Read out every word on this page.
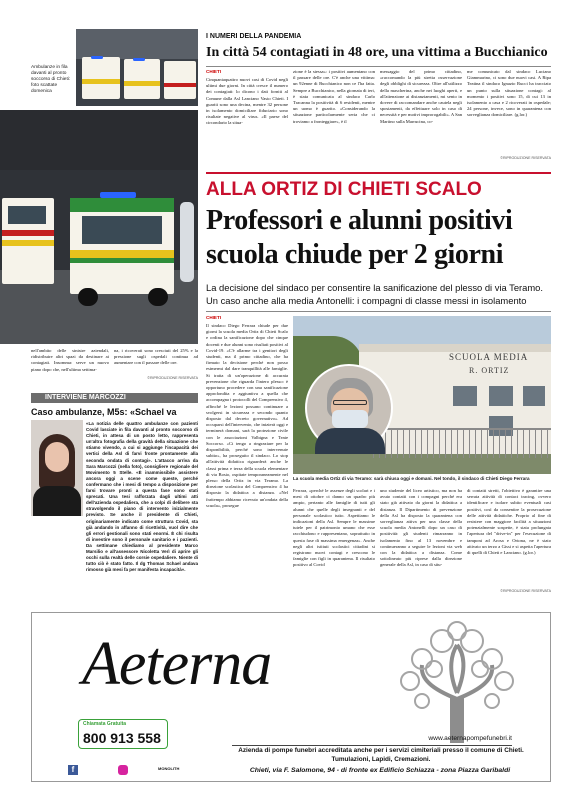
Ambulanze in fila davanti al pronto soccorso di Chieti: foto scattate domenica
nell'ambito delle sinistre aziendali, ridistribuire altri spazi da destinare ai contagiati. Insomma: serve un nuovo piano dopo che, nell'ultima settima-
na, i ricoverati sono cresciuti del 25% e la pressione sugli ospedali continua ad aumentare con il passare delle ore.
©RIPRODUZIONE RISERVATA
INTERVIENE MARCOZZI
Caso ambulanze, M5s: «Schael va
«La notizia delle quattro ambulanze con pazienti Covid lasciate in fila davanti al pronto soccorso di Chieti, in attesa di un posto letto, rappresenta un'altra fotografia della gravità della situazione che stiamo vivendo, a cui si aggiunge l'incapacità dei vertici della Asl di farvi fronte prontamente alla seconda ondata di contagi». L'attacco arriva da Sara Marcozzi (nella foto), consigliere regionale del Movimento 5 Stelle. «È inammissibile assistere ancora oggi a scene come queste, perché confermano che i mesi di tempo a disposizione per farsi trovare pronti a questa fase sono stati sprecati. Una tesi rafforzata dagli ultimi atti dell'azienda ospedaliera, che a colpi di delibere sta stravolgendo il piano di intervento inizialmente previsto. Se anche il presidente di Chieti, originariamente indicato come struttura Covid, sta già andando in affanno di ricettività, vuol dire che gli errori gestionali sono stati enormi. È chi risulta di investire sono il personale sanitario e i pazienti. Da settimane chiediamo al presidente Marco Marsilio e all'assessore Nicoletta Verì di aprire gli occhi sulla realtà delle corsie ospedaliere. Niente di tutto ciò è stato fatto. Il dg Thomas Schael andava rimosso già mesi fa per manifesta incapacità».
I NUMERI DELLA PANDEMIA
In città 54 contagiati in 48 ore, una vittima a Bucchianico
CHIETI
Cinquantaquattro nuovi casi di Covid negli ultimi due giorni. In città cresce il numero dei contagiati: lo dicono i dati forniti al Comune dalla Asl Lanciano Vasto Chieti. I guariti sono una decina, mentre 32 persone in isolamento domiciliare fiduciario sono risultate negative al virus. «Il paese del circondario la situa-
zione è la stessa»: i positivi aumentano con il passare delle ore. C'è anche una vittima: un 92enne di Bucchianico non ce l'ha fatta. Sempre a Bucchianico, nella giornata di ieri, è stata comunicata al sindaco Carlo Tracanna la positività di 6 residenti, mentre un uomo è guarito. «Considerando la situazione particolarmente seria che ci troviamo a fronteggiare», è il
messaggio del primo cittadino, «raccomando la più stretta osservazione degli obblighi di sicurezza. Oltre all'utilizzo della mascherina, anche nei luoghi aperti, e all'attenzione ai distanziamenti, mi sento in dovere di raccomandare anche cautela negli spostamenti, da effettuare solo in caso di necessità e per motivi improrogabili». A San Martino sulla Marrucina, co-
me comunicato dal sindaco Luciano Giammarino, ci sono due nuovi casi. A Ripa Teatina il sindaco Ignazio Rucci ha tracciato un punto sulla situazione contagi: al momento i positivi sono 15, di cui 13 in isolamento a casa e 2 ricoverati in ospedale; 24 persone, invece, sono in quarantena con sorveglianza domiciliare. (g.lor.)
©RIPRODUZIONE RISERVATA
ALLA ORTIZ DI CHIETI SCALO
Professori e alunni positivi scuola chiude per 2 giorni
La decisione del sindaco per consentire la sanificazione del plesso di via Teramo. Un caso anche alla media Antonelli: i compagni di classe messi in isolamento
CHIETI
Il sindaco Diego Ferrara chiude per due giorni la scuola media Ortiz di Chieti Scalo e ordina la sanificazione dopo che cinque docenti e due alunni sono risultati positivi al Covid-19. «C'è allarme tra i genitori degli studenti, ma il primo cittadino, che ha firmato la decisione perché non posso esimermi dal dare tranquillità alle famiglie. Si tratta di un'operazione di accurata prevenzione che riguarda l'intero plesso: è opportuno procedere con una sanificazione approfondita e aggiuntiva a quella che accompagna i protocolli del Comprensivo 4, affinché le lezioni possano continuare a svolgersi in sicurezza e secondo quanto disposto dal decreto governativo». Ad occuparsi dell'intervento, che inizierà oggi e terminerà domani, sarà la protezione civile con le associazioni Valbigna e Teate Soccorso. «Ci tengo a ringraziare per la disponibilità, perché sono intervenute subito», ha proseguito il sindaco. Lo stop all'attività didattica riguarderà anche le classi prima e terza della scuola elementare di via Bosio, ospitate temporaneamente nel plesso della Ortiz in via Teramo. La direzione scolastica del Comprensivo 4 ha disposto la didattica a distanza. «Nel frattempo abbiamo ricevuto un'ondata della scuola», prosegue
SCUOLA MEDIA
R. ORTIZ
La scuola media Ortiz di via Teramo: sarà chiusa oggi e domani. Nel tondo, il sindaco di Chieti Diego Ferrara
Ferrara, «perché le assenze degli scolari e i mesi di ottobre ci danno un quadro più ampio, pertanto alle famiglie di tutti gli alunni che quelle degli insegnanti e del personale scolastico tutto. Aspettiamo le indicazioni della Asl. Sempre le massime tutele per il patrimonio umano che esse racchiudono e rappresentano, soprattutto in questa fase di massima emergenza». Anche negli altri istituti scolastici cittadini si registrano nuovi contagi e crescono le famiglie con figli in quarantena. Il risultato positivo al Covid
uno studente del liceo artistico, ma non ha avuto contatti con i compagni perché era stato già attivato da giorni la didattica a distanza. Il Dipartimento di prevenzione della Asl ha disposto la quarantena con sorveglianza attiva per una classe della scuola media Antonelli dopo un caso di positività: gli studenti rimarranno in isolamento fino al 13 novembre e continueranno a seguire le lezioni via web con la didattica a distanza. Come sottolineato più riprese dalla direzione generale della Asl, in caso di situ-
di contatti stretti, l'obiettivo è garantire una serrata attività di contact tracing, ovvero identificare e isolare subito eventuali casi positivi, così da consentire la prosecuzione delle attività didattiche. Proprio al fine di resistere con maggiore facilità a situazioni potenzialmente sospette, è stata prolungata l'apertura del "drive-in" per l'esecuzione di tamponi ad Arosa e Ortona, ne è stato attivato un terzo a Gissi e si aspetta l'apertura di quelli di Chieti e Lanciano. (g.lor.)
©RIPRODUZIONE RISERVATA
Aeterna
Chiamata Gratuita
800 913 558
f	MONOLITH
www.aeternapompefunebri.it
Azienda di pompe funebri accreditata anche per i servizi cimiteriali presso il comune di Chieti.
Tumulazioni, Lapidi, Cremazioni.
Chieti, via F. Salomone, 94 - di fronte ex Edificio Schiazza - zona Piazza Garibaldi
